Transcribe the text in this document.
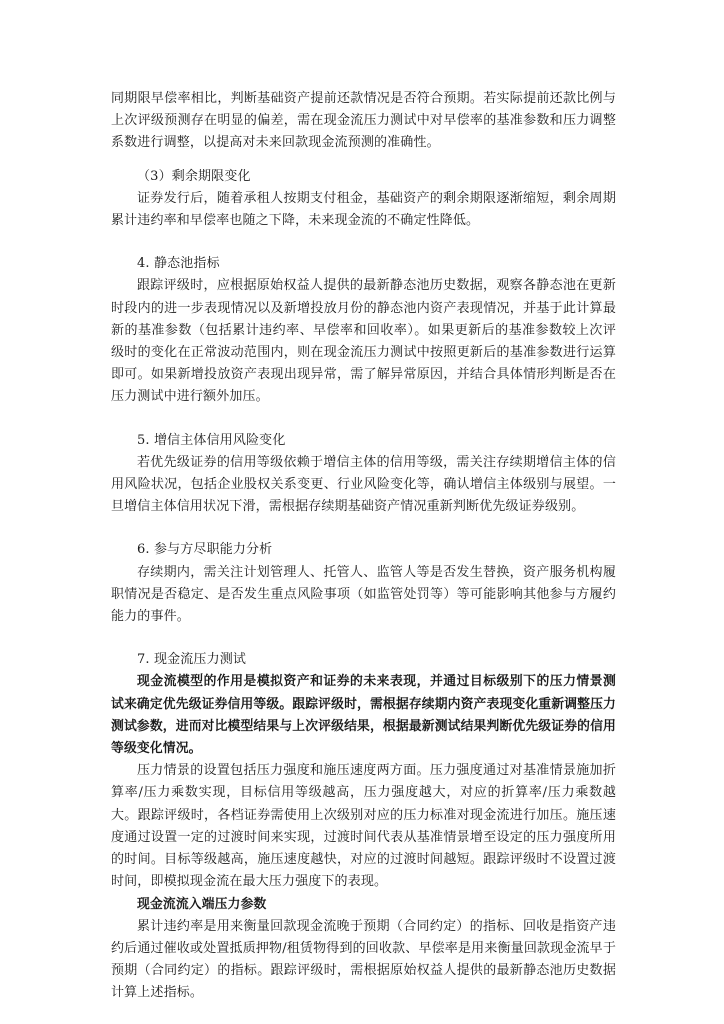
同期限早偿率相比，判断基础资产提前还款情况是否符合预期。若实际提前还款比例与上次评级预测存在明显的偏差，需在现金流压力测试中对早偿率的基准参数和压力调整系数进行调整，以提高对未来回款现金流预测的准确性。

（3）剩余期限变化

证券发行后，随着承租人按期支付租金，基础资产的剩余期限逐渐缩短，剩余周期累计违约率和早偿率也随之下降，未来现金流的不确定性降低。

4. 静态池指标

跟踪评级时，应根据原始权益人提供的最新静态池历史数据，观察各静态池在更新时段内的进一步表现情况以及新增投放月份的静态池内资产表现情况，并基于此计算最新的基准参数（包括累计违约率、早偿率和回收率）。如果更新后的基准参数较上次评级时的变化在正常波动范围内，则在现金流压力测试中按照更新后的基准参数进行运算即可。如果新增投放资产表现出现异常，需了解异常原因，并结合具体情形判断是否在压力测试中进行额外加压。

5. 增信主体信用风险变化

若优先级证券的信用等级依赖于增信主体的信用等级，需关注存续期增信主体的信用风险状况，包括企业股权关系变更、行业风险变化等，确认增信主体级别与展望。一旦增信主体信用状况下滑，需根据存续期基础资产情况重新判断优先级证券级别。

6. 参与方尽职能力分析

存续期内，需关注计划管理人、托管人、监管人等是否发生替换，资产服务机构履职情况是否稳定、是否发生重点风险事项（如监管处罚等）等可能影响其他参与方履约能力的事件。

7. 现金流压力测试

现金流模型的作用是模拟资产和证券的未来表现，并通过目标级别下的压力情景测试来确定优先级证券信用等级。跟踪评级时，需根据存续期内资产表现变化重新调整压力测试参数，进而对比模型结果与上次评级结果，根据最新测试结果判断优先级证券的信用等级变化情况。

压力情景的设置包括压力强度和施压速度两方面。压力强度通过对基准情景施加折算率/压力乘数实现，目标信用等级越高，压力强度越大，对应的折算率/压力乘数越大。跟踪评级时，各档证券需使用上次级别对应的压力标准对现金流进行加压。施压速度通过设置一定的过渡时间来实现，过渡时间代表从基准情景增至设定的压力强度所用的时间。目标等级越高，施压速度越快，对应的过渡时间越短。跟踪评级时不设置过渡时间，即模拟现金流在最大压力强度下的表现。

现金流流入端压力参数

累计违约率是用来衡量回款现金流晚于预期（合同约定）的指标、回收是指资产违约后通过催收或处置抵质押物/租赁物得到的回收款、早偿率是用来衡量回款现金流早于预期（合同约定）的指标。跟踪评级时，需根据原始权益人提供的最新静态池历史数据计算上述指标。
